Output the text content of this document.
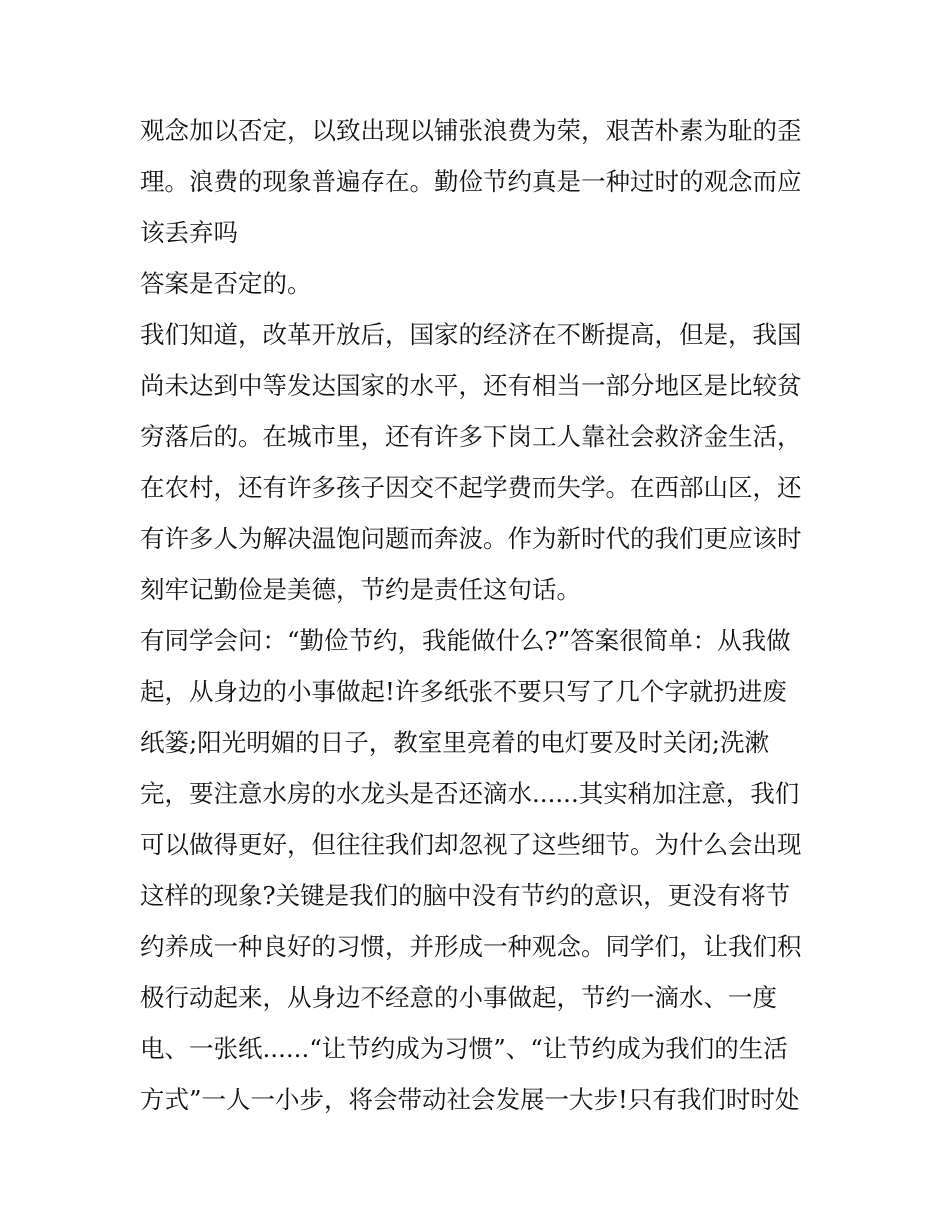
观念加以否定，以致出现以铺张浪费为荣，艰苦朴素为耻的歪
理。浪费的现象普遍存在。勤俭节约真是一种过时的观念而应
该丢弃吗
答案是否定的。
我们知道，改革开放后，国家的经济在不断提高，但是，我国
尚未达到中等发达国家的水平，还有相当一部分地区是比较贫
穷落后的。在城市里，还有许多下岗工人靠社会救济金生活，
在农村，还有许多孩子因交不起学费而失学。在西部山区，还
有许多人为解决温饱问题而奔波。作为新时代的我们更应该时
刻牢记勤俭是美德，节约是责任这句话。
有同学会问：“勤俭节约，我能做什么?”答案很简单：从我做
起，从身边的小事做起!许多纸张不要只写了几个字就扔进废
纸篓;阳光明媚的日子，教室里亮着的电灯要及时关闭;洗漱
完，要注意水房的水龙头是否还滴水......其实稍加注意，我们
可以做得更好，但往往我们却忽视了这些细节。为什么会出现
这样的现象?关键是我们的脑中没有节约的意识，更没有将节
约养成一种良好的习惯，并形成一种观念。同学们，让我们积
极行动起来，从身边不经意的小事做起，节约一滴水、一度
电、一张纸......“让节约成为习惯”、“让节约成为我们的生活
方式”一人一小步，将会带动社会发展一大步!只有我们时时处
